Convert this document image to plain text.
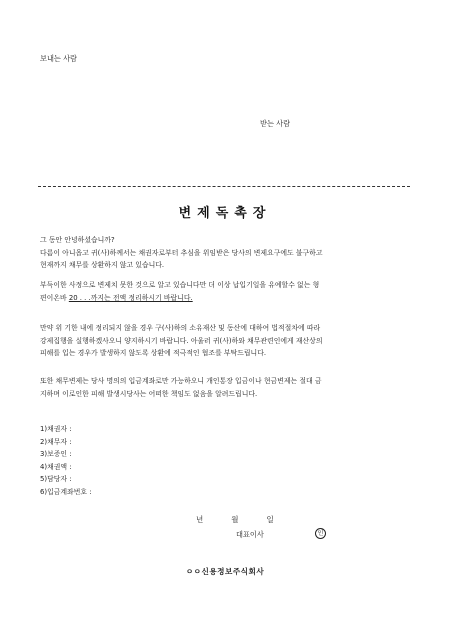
보내는 사람
받는 사람
변제독촉장

그 동안 안녕하셨습니까?

다름이 아니옵고 귀(사)하께서는 채권자로부터 추심을 위임받은 당사의 변제요구에도 불구하고

현재까지 채무를 상환하지 않고 있습니다.

부득이한 사정으로 변제치 못한 것으로 알고 있습니다만 더 이상 납입기일을 유예할수 없는 형

편이온바 20 . . .까지는 전액 정리하시기 바랍니다.

만약 위 기한 내에 정리되지 않을 경우 구(사)하의 소유재산 및 동산에 대하여 법적절차에 따라

강제집행을 실행하겠사오니 양지하시기 바랍니다. 아울러 귀(사)하와 채무관련인에게 재산상의

피해를 입는 경우가 발생하지 않도록 상환에 적극적인 협조를 부탁드립니다.

또한 채무변제는 당사 명의의 입금계좌로만 가능하오니 개인통장 입금이나 현금변제는 절대 금

지하며 이로인한 피해 발생시당사는 어떠한 책임도 없음을 알려드립니다.

1)채권자 :
2)채무자 :
3)보증인 :
4)채권액 :
5)담당자 :
6)입금계좌번호 :
년	월	일
대표이사	인
ㅇㅇ신용정보주식회사
